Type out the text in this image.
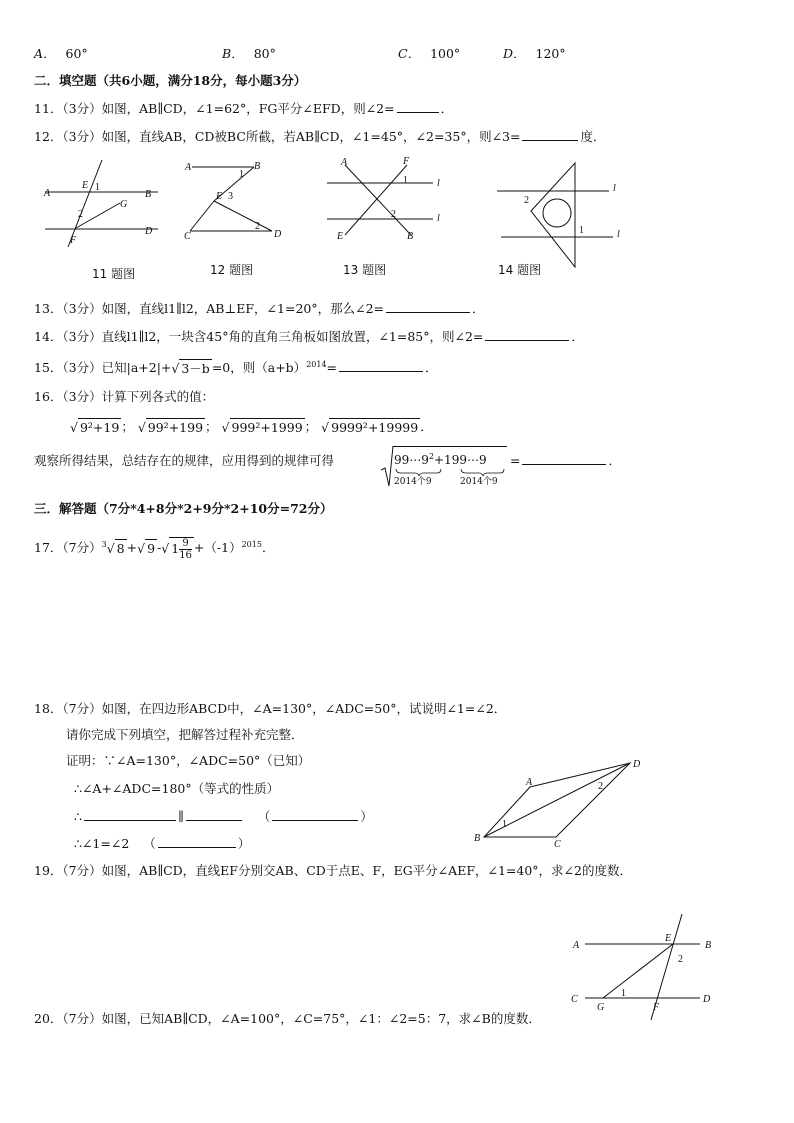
A． 60°	B． 80°	C． 100°	D． 120°
二．填空题（共6小题，满分18分，每小题3分）
11．（3分）如图，AB∥CD，∠1=62°，FG平分∠EFD，则∠2=	．
12．（3分）如图，直线AB，CD被BC所截，若AB∥CD，∠1=45°，∠2=35°，则∠3=	度．
A
E 1
B
G
2
F
D
A	B
1
E 3
C
2
D
A	F
1	l
2	l
E	B
2
1
l
l
11 题图	12 题图	13 题图	14 题图
13．（3分）如图，直线l1∥l2，AB⊥EF，∠1=20°，那么∠2=	．
14．（3分）直线l1∥l2，一块含45°角的直角三角板如图放置，∠1=85°，则∠2=	．
15．（3分）已知|a+2|+√ 3－b =0，则$(a+b)^{2014}=$	．
16．（3分）计算下列各式的值：
√ 9²+19 ； √ 99²+199 ； √ 999²+1999 ； √ 9999²+19999 ．
观察所得结果，总结存在的规律，应用得到的规律可得	$99\cdots 9^2+199\cdots 9$
2014个9	2014个9
=	．
三．解答题（7分*4+8分*2+9分*2+10分=72分）
17．（7分）$^3$√ 8 +√ 9 -√ $1 \frac{9}{16} +(-1)^{2015}$．
18．（7分）如图，在四边形ABCD中，∠A=130°，∠ADC=50°，试说明∠1=∠2．
请你完成下列填空，把解答过程补充完整．
证明：∵∠A=130°，∠ADC=50°（已知）
∴∠A+∠ADC=180°（等式的性质）
∴	∥	（	）
∴∠1=∠2 （	）
A
D
2
B
1
C
19．（7分）如图，AB∥CD，直线EF分别交AB、CD于点E、F，EG平分∠AEF，∠1=40°，求∠2的度数．
A
E
B
2
C
G
1
F
D
20．（7分）如图，已知AB∥CD，∠A=100°，∠C=75°，∠1：∠2=5：7，求∠B的度数．
